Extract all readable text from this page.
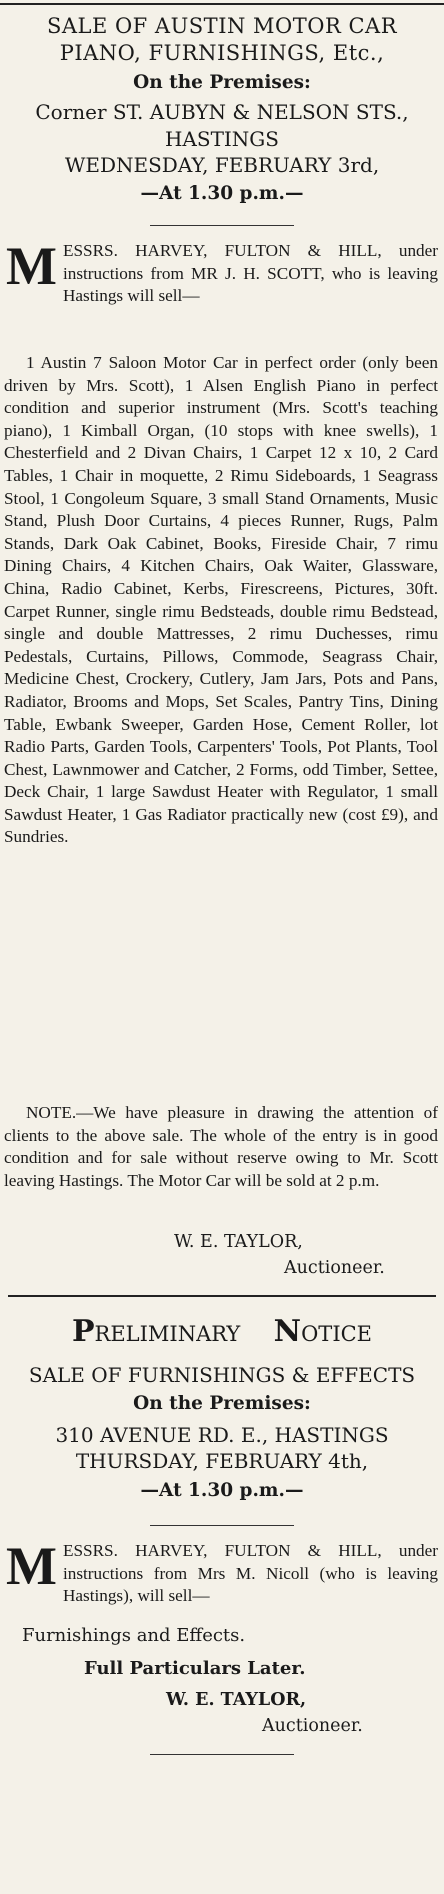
SALE OF AUSTIN MOTOR CAR
PIANO, FURNISHINGS, Etc.,
On the Premises:
Corner ST. AUBYN & NELSON STS.,
HASTINGS
WEDNESDAY, FEBRUARY 3rd,
—At 1.30 p.m.—
M ESSRS. HARVEY, FULTON & HILL, under instructions from MR J. H. SCOTT, who is leaving Hastings will sell—

1 Austin 7 Saloon Motor Car in perfect order (only been driven by Mrs. Scott), 1 Alsen English Piano in perfect condition and superior instrument (Mrs. Scott's teaching piano), 1 Kimball Organ, (10 stops with knee swells), 1 Chesterfield and 2 Divan Chairs, 1 Carpet 12 x 10, 2 Card Tables, 1 Chair in moquette, 2 Rimu Sideboards, 1 Seagrass Stool, 1 Congoleum Square, 3 small Stand Ornaments, Music Stand, Plush Door Curtains, 4 pieces Runner, Rugs, Palm Stands, Dark Oak Cabinet, Books, Fireside Chair, 7 rimu Dining Chairs, 4 Kitchen Chairs, Oak Waiter, Glassware, China, Radio Cabinet, Kerbs, Firescreens, Pictures, 30ft. Carpet Runner, single rimu Bedsteads, double rimu Bedstead, single and double Mattresses, 2 rimu Duchesses, rimu Pedestals, Curtains, Pillows, Commode, Seagrass Chair, Medicine Chest, Crockery, Cutlery, Jam Jars, Pots and Pans, Radiator, Brooms and Mops, Set Scales, Pantry Tins, Dining Table, Ewbank Sweeper, Garden Hose, Cement Roller, lot Radio Parts, Garden Tools, Carpenters' Tools, Pot Plants, Tool Chest, Lawnmower and Catcher, 2 Forms, odd Timber, Settee, Deck Chair, 1 large Sawdust Heater with Regulator, 1 small Sawdust Heater, 1 Gas Radiator practically new (cost £9), and Sundries.

NOTE.—We have pleasure in drawing the attention of clients to the above sale. The whole of the entry is in good condition and for sale without reserve owing to Mr. Scott leaving Hastings. The Motor Car will be sold at 2 p.m.

W. E. TAYLOR,
Auctioneer.
PRELIMINARY NOTICE
SALE OF FURNISHINGS & EFFECTS
On the Premises:
310 AVENUE RD. E., HASTINGS
THURSDAY, FEBRUARY 4th,
—At 1.30 p.m.—
M ESSRS. HARVEY, FULTON & HILL, under instructions from Mrs M. Nicoll (who is leaving Hastings), will sell—
Furnishings and Effects.
Full Particulars Later.
W. E. TAYLOR,
Auctioneer.
